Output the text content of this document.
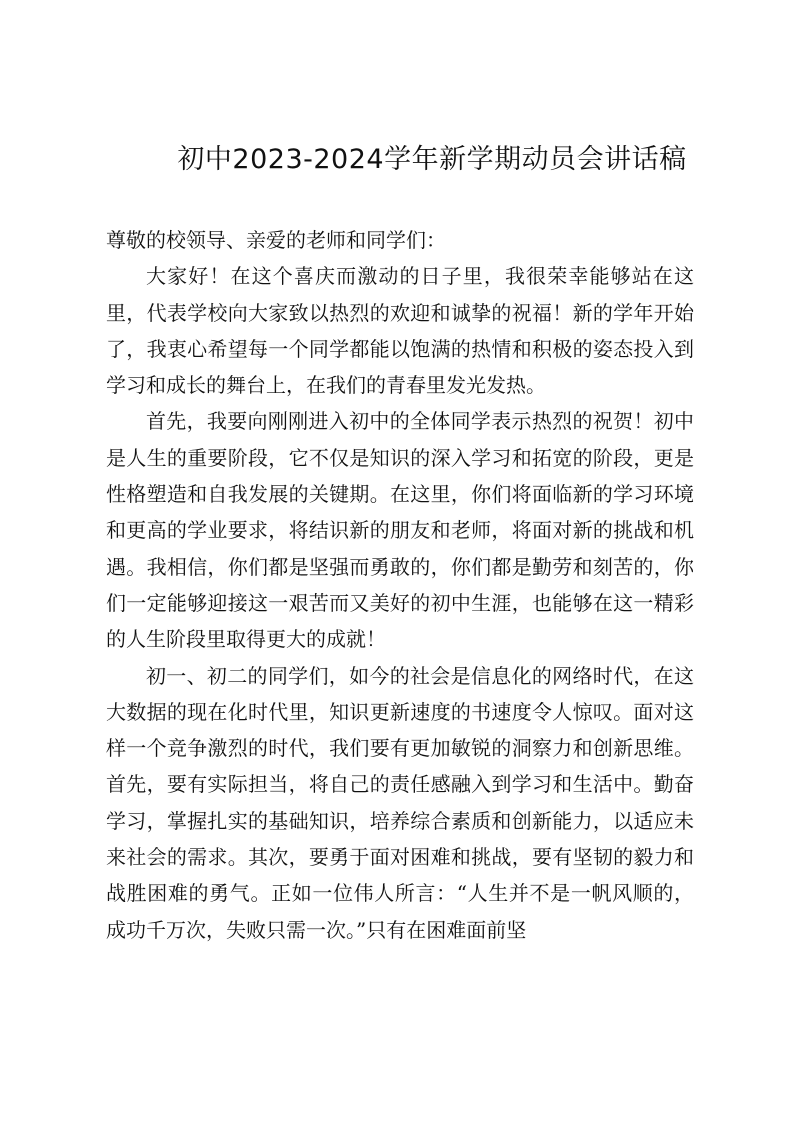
初中2023-2024学年新学期动员会讲话稿

尊敬的校领导、亲爱的老师和同学们：

大家好！在这个喜庆而激动的日子里，我很荣幸能够站在这里，代表学校向大家致以热烈的欢迎和诚挚的祝福！新的学年开始了，我衷心希望每一个同学都能以饱满的热情和积极的姿态投入到学习和成长的舞台上，在我们的青春里发光发热。

首先，我要向刚刚进入初中的全体同学表示热烈的祝贺！初中是人生的重要阶段，它不仅是知识的深入学习和拓宽的阶段，更是性格塑造和自我发展的关键期。在这里，你们将面临新的学习环境和更高的学业要求，将结识新的朋友和老师，将面对新的挑战和机遇。我相信，你们都是坚强而勇敢的，你们都是勤劳和刻苦的，你们一定能够迎接这一艰苦而又美好的初中生涯，也能够在这一精彩的人生阶段里取得更大的成就！

初一、初二的同学们，如今的社会是信息化的网络时代，在这大数据的现在化时代里，知识更新速度的书速度令人惊叹。面对这样一个竞争激烈的时代，我们要有更加敏锐的洞察力和创新思维。首先，要有实际担当，将自己的责任感融入到学习和生活中。勤奋学习，掌握扎实的基础知识，培养综合素质和创新能力，以适应未来社会的需求。其次，要勇于面对困难和挑战，要有坚韧的毅力和战胜困难的勇气。正如一位伟人所言：“人生并不是一帆风顺的，成功千万次，失败只需一次。”只有在困难面前坚
